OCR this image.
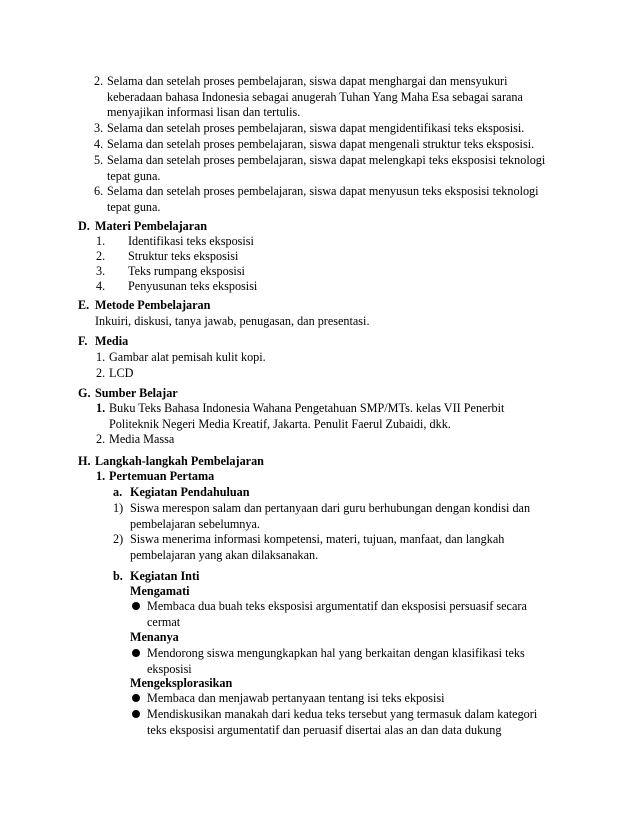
2. Selama dan setelah proses pembelajaran, siswa dapat menghargai dan mensyukuri
keberadaan bahasa Indonesia sebagai anugerah Tuhan Yang Maha Esa sebagai sarana
menyajikan informasi lisan dan tertulis.
3. Selama dan setelah proses pembelajaran, siswa dapat mengidentifikasi teks eksposisi.
4. Selama dan setelah proses pembelajaran, siswa dapat mengenali struktur teks eksposisi.
5. Selama dan setelah proses pembelajaran, siswa dapat melengkapi teks eksposisi teknologi
tepat guna.
6. Selama dan setelah proses pembelajaran, siswa dapat menyusun teks eksposisi teknologi
tepat guna.
D. Materi Pembelajaran
1. Identifikasi teks eksposisi
2. Struktur teks eksposisi
3. Teks rumpang eksposisi
4. Penyusunan teks eksposisi
E. Metode Pembelajaran
Inkuiri, diskusi, tanya jawab, penugasan, dan presentasi.
F. Media
1. Gambar alat pemisah kulit kopi.
2. LCD
G. Sumber Belajar
1. Buku Teks Bahasa Indonesia Wahana Pengetahuan SMP/MTs. kelas VII Penerbit
Politeknik Negeri Media Kreatif, Jakarta. Penulit Faerul Zubaidi, dkk.
2. Media Massa
H. Langkah-langkah Pembelajaran
1. Pertemuan Pertama
a. Kegiatan Pendahuluan
1) Siswa merespon salam dan pertanyaan dari guru berhubungan dengan kondisi dan
pembelajaran sebelumnya.
2) Siswa menerima informasi kompetensi, materi, tujuan, manfaat, dan langkah
pembelajaran yang akan dilaksanakan.
b. Kegiatan Inti
Mengamati
Membaca dua buah teks eksposisi argumentatif dan eksposisi persuasif secara
cermat
Menanya
Mendorong siswa mengungkapkan hal yang berkaitan dengan klasifikasi teks
eksposisi
Mengeksplorasikan
Membaca dan menjawab pertanyaan tentang isi teks ekposisi
Mendiskusikan manakah dari kedua teks tersebut yang termasuk dalam kategori
teks eksposisi argumentatif dan peruasif disertai alas an dan data dukung
